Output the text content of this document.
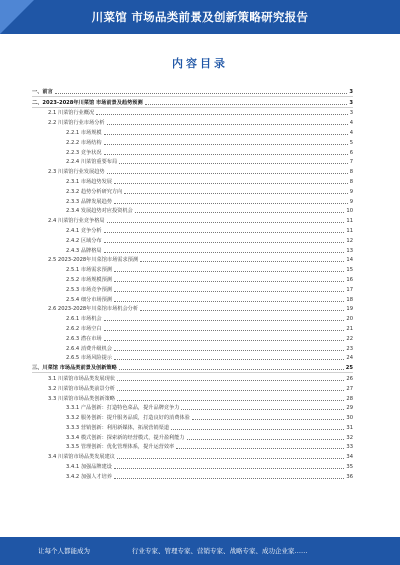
川菜馆 市场品类前景及创新策略研究报告
内容目录
一、前言	3
二、2023-2028年川菜馆 市场前景及趋势预测	3
2.1 川菜馆行业概况	3
2.2 川菜馆行业市场分析	4
2.2.1 市场规模	4
2.2.2 市场结构	5
2.2.3 竞争状况	6
2.2.4 川菜馆重要布局	7
2.3 川菜馆行业发展趋势	8
2.3.1 市场趋势发展	8
2.3.2 趋势分析研究方向	9
2.3.3 品牌发展趋势	9
2.3.4 发展趋势对应投资机会	10
2.4 川菜馆行业竞争格局	11
2.4.1 竞争分析	11
2.4.2 区域分布	12
2.4.3 品牌格局	13
2.5 2023-2028年川菜馆市场需求预测	14
2.5.1 市场需求预测	15
2.5.2 市场规模预测	16
2.5.3 市场竞争预测	17
2.5.4 细分市场预测	18
2.6 2023-2028年川菜馆市场机会分析	19
2.6.1 市场机会	20
2.6.2 市场空白	21
2.6.3 潜在市场	22
2.6.4 消费升级机会	23
2.6.5 市场风险提示	24
三、川菜馆 市场品类前景及创新策略	25
3.1 川菜馆市场品类发展现状	26
3.2 川菜馆市场品类前景分析	27
3.3 川菜馆市场品类创新策略	28
3.3.1 产品创新：打造特色菜品，提升品牌竞争力	29
3.3.2 服务创新：提升服务品质，打造良好的消费体验	30
3.3.3 营销创新：利用新媒体，拓展营销渠道	31
3.3.4 模式创新：探索新的经营模式，提升盈利能力	32
3.3.5 管理创新：优化管理体系，提升运营效率	33
3.4 川菜馆市场品类发展建议	34
3.4.1 加强品牌建设	35
3.4.2 加强人才培养	36
让每个人都能成为	行业专家、管理专家、营销专家、战略专家、成功企业家……
